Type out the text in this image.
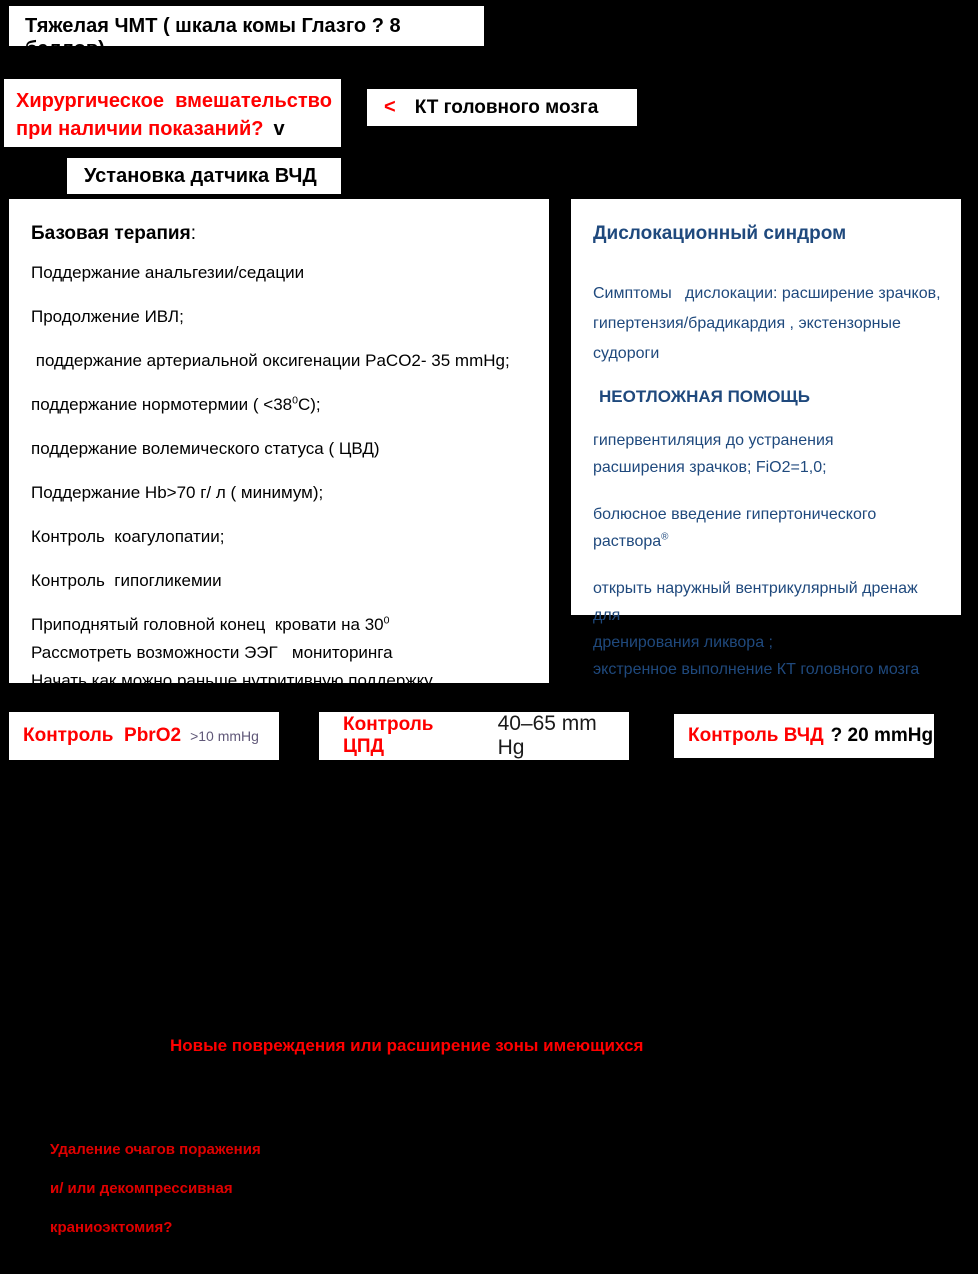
Тяжелая ЧМТ ( шкала комы Глазго ? 8 баллов)
Хирургическое  вмешательство
при наличии показаний? v
< КТ головного мозга
Установка датчика ВЧД
Базовая терапия:

Поддержание анальгезии/седации

Продолжение ИВЛ;

поддержание артериальной оксигенации PaCO2- 35 mmHg;

поддержание нормотермии ( $<38^0C$);

поддержание волемического статуса ( ЦВД)

Поддержание Hb>70 г/ л ( минимум);

Контроль  коагулопатии;

Контроль  гипогликемии

Приподнятый головной конец  кровати на $30^0$

Рассмотреть возможности ЭЭГ   мониторинга

Начать как можно раньше нутритивную поддержку

Дислокационный синдром

Симптомы   дислокации: расширение зрачков,

гипертензия/брадикардия , экстензорные

судороги

НЕОТЛОЖНАЯ ПОМОЩЬ

гипервентиляция до устранения
расширения зрачков; FiO2=1,0;

болюсное введение гипертонического раствора®

открыть наружный вентрикулярный дренаж для
дренирования ликвора ;
экстренное выполнение КТ головного мозга

Контроль  PbrO2 >10 mmHg
Контроль  ЦПД
40–65 mm Hg
Контроль ВЧД ? 20 mmHg
Новые повреждения или расширение зоны имеющихся
Удаление очагов поражения
и/ или декомпрессивная
краниоэктомия?
